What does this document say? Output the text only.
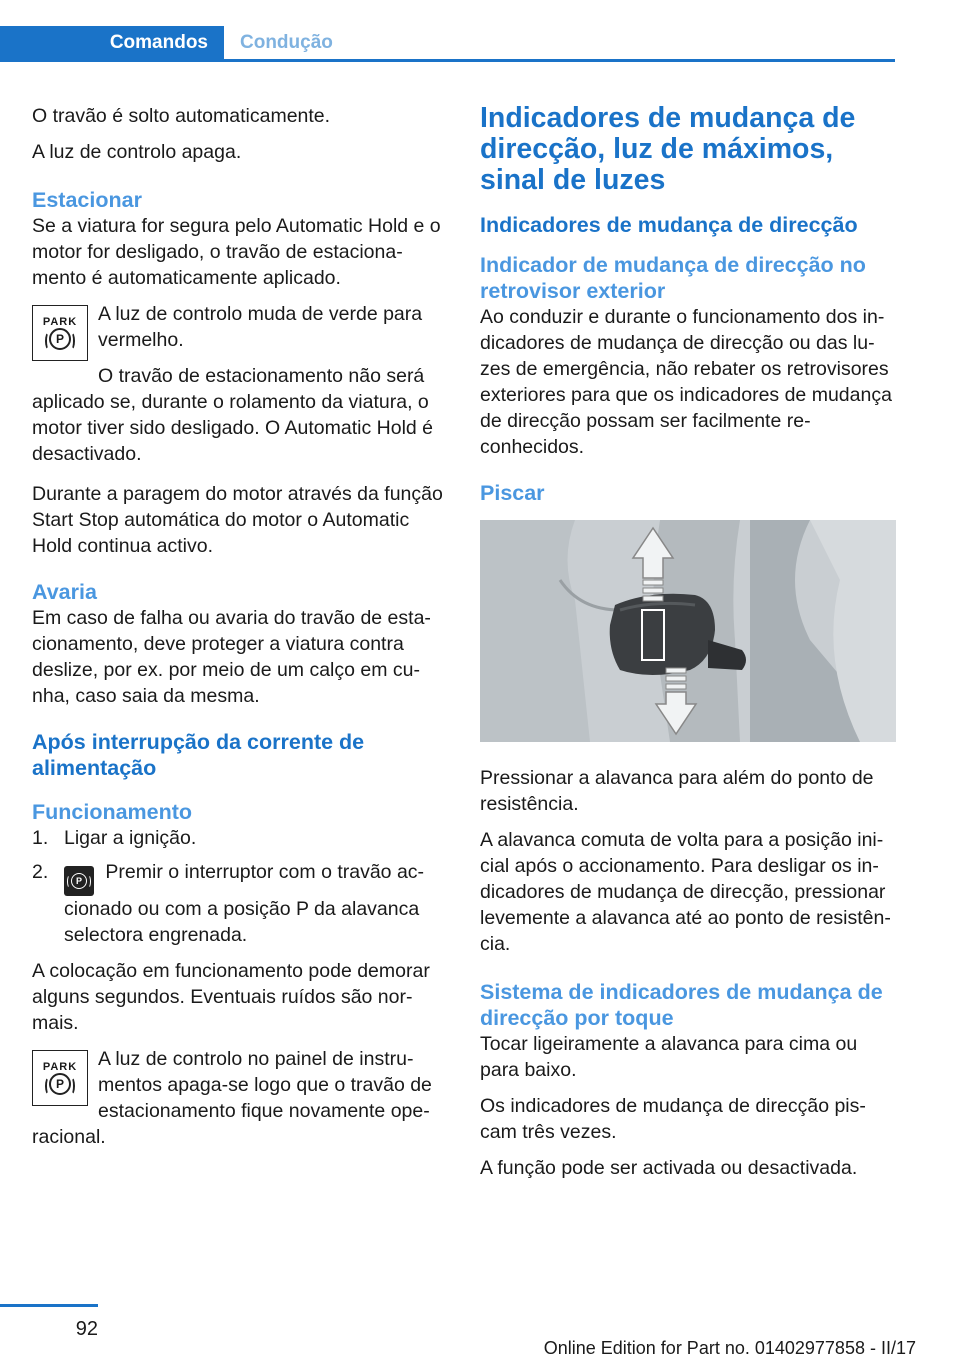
Comandos	Condução

O travão é solto automaticamente.

A luz de controlo apaga.

Estacionar

Se a viatura for segura pelo Automatic Hold e o motor for desligado, o travão de estacionamento é automaticamente aplicado.

PARK
P

A luz de controlo muda de verde para vermelho.

O travão de estacionamento não será aplicado se, durante o rolamento da viatura, o motor tiver sido desligado. O Automatic Hold é desactivado.

Durante a paragem do motor através da função Start Stop automática do motor o Automatic Hold continua activo.

Avaria

Em caso de falha ou avaria do travão de estacionamento, deve proteger a viatura contra deslize, por ex. por meio de um calço em cunha, caso saia da mesma.

Após interrupção da corrente de alimentação
Funcionamento
1. Ligar a ignição.
2.	P Premir o interruptor com o travão accionado ou com a posição P da alavanca selectora engrenada.

A colocação em funcionamento pode demorar alguns segundos. Eventuais ruídos são normais.

PARK
P

A luz de controlo no painel de instrumentos apaga-se logo que o travão de estacionamento fique novamente operacional.

Indicadores de mudança de direcção, luz de máximos, sinal de luzes
Indicadores de mudança de direcção
Indicador de mudança de direcção no retrovisor exterior

Ao conduzir e durante o funcionamento dos indicadores de mudança de direcção ou das luzes de emergência, não rebater os retrovisores exteriores para que os indicadores de mudança de direcção possam ser facilmente reconhecidos.

Piscar

Pressionar a alavanca para além do ponto de resistência.

A alavanca comuta de volta para a posição inicial após o accionamento. Para desligar os indicadores de mudança de direcção, pressionar levemente a alavanca até ao ponto de resistência.

Sistema de indicadores de mudança de direcção por toque

Tocar ligeiramente a alavanca para cima ou para baixo.

Os indicadores de mudança de direcção piscam três vezes.

A função pode ser activada ou desactivada.

92
Online Edition for Part no. 01402977858 - II/17
